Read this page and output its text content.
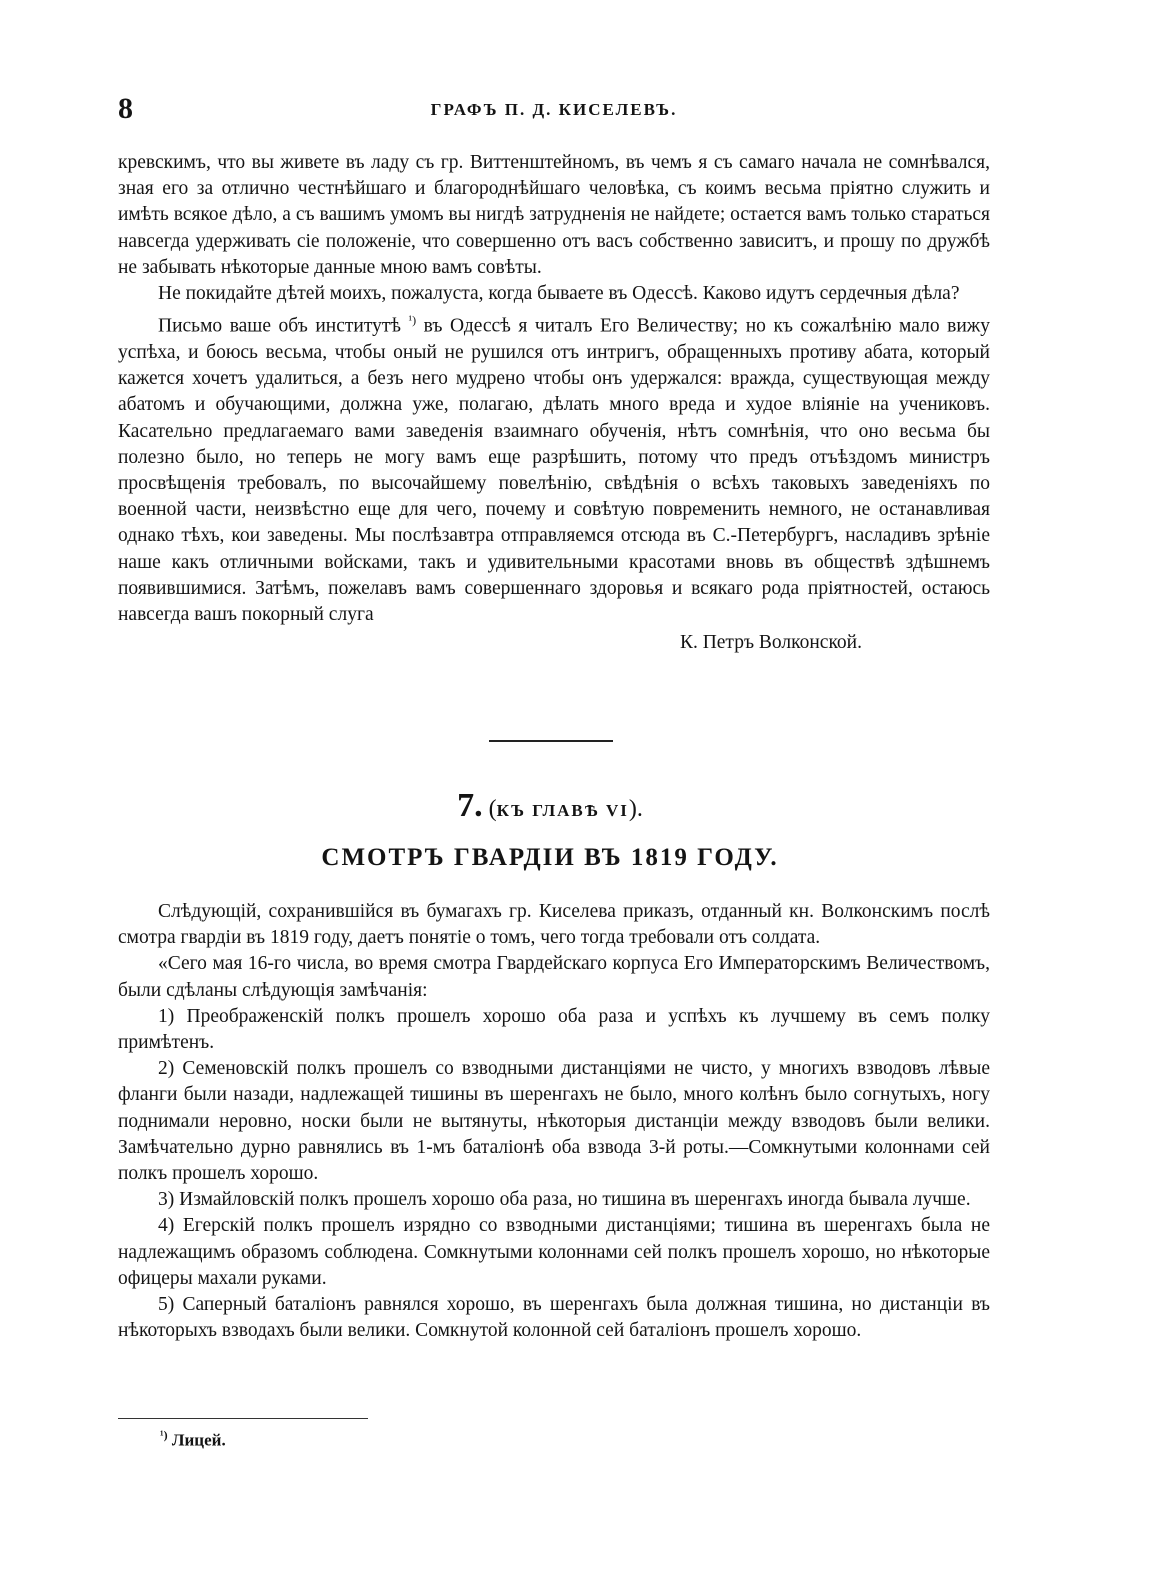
8	ГРАФЪ П. Д. КИСЕЛЕВЪ.

кревскимъ, что вы живете въ ладу съ гр. Виттенштейномъ, въ чемъ я съ самаго начала не сомнѣвался, зная его за отлично честнѣйшаго и благороднѣйшаго человѣка, съ коимъ весьма пріятно служить и имѣть всякое дѣло, а съ вашимъ умомъ вы нигдѣ затрудненія не найдете; остается вамъ только стараться навсегда удерживать сіе положеніе, что совершенно отъ васъ собственно зависитъ, и прошу по дружбѣ не забывать нѣкоторые данные мною вамъ совѣты.

Не покидайте дѣтей моихъ, пожалуста, когда бываете въ Одессѣ. Каково идутъ сердечныя дѣла?

Письмо ваше объ институтѣ $^{^1)}$ въ Одессѣ я читалъ Его Величеству; но къ сожалѣнію мало вижу успѣха, и боюсь весьма, чтобы оный не рушился отъ интригъ, обращенныхъ противу абата, который кажется хочетъ удалиться, а безъ него мудрено чтобы онъ удержался: вражда, существующая между абатомъ и обучающими, должна уже, полагаю, дѣлать много вреда и худое вліяніе на учениковъ. Касательно предлагаемаго вами заведенія взаимнаго обученія, нѣтъ сомнѣнія, что оно весьма бы полезно было, но теперь не могу вамъ еще разрѣшить, потому что предъ отъѣздомъ министръ просвѣщенія требовалъ, по высочайшему повелѣнію, свѣдѣнія о всѣхъ таковыхъ заведеніяхъ по военной части, неизвѣстно еще для чего, почему и совѣтую повременить немного, не останавливая однако тѣхъ, кои заведены. Мы послѣзавтра отправляемся отсюда въ С.-Петербургъ, насладивъ зрѣніе наше какъ отличными войсками, такъ и удивительными красотами вновь въ обществѣ здѣшнемъ появившимися. Затѣмъ, пожелавъ вамъ совершеннаго здоровья и всякаго рода пріятностей, остаюсь навсегда вашъ покорный слуга

К. Петръ Волконской.
7. (КЪ ГЛАВѢ VI).
СМОТРЪ ГВАРДІИ ВЪ 1819 ГОДУ.

Слѣдующій, сохранившійся въ бумагахъ гр. Киселева приказъ, отданный кн. Волконскимъ послѣ смотра гвардіи въ 1819 году, даетъ понятіе о томъ, чего тогда требовали отъ солдата.

«Сего мая 16-го числа, во время смотра Гвардейскаго корпуса Его Императорскимъ Величествомъ, были сдѣланы слѣдующія замѣчанія:

1) Преображенскій полкъ прошелъ хорошо оба раза и успѣхъ къ лучшему въ семъ полку примѣтенъ.

2) Семеновскій полкъ прошелъ со взводными дистанціями не чисто, у многихъ взводовъ лѣвые фланги были назади, надлежащей тишины въ шеренгахъ не было, много колѣнъ было согнутыхъ, ногу поднимали неровно, носки были не вытянуты, нѣкоторыя дистанціи между взводовъ были велики. Замѣчательно дурно равнялись въ 1-мъ баталіонѣ оба взвода 3-й роты.—Сомкнутыми колоннами сей полкъ прошелъ хорошо.

3) Измайловскій полкъ прошелъ хорошо оба раза, но тишина въ шеренгахъ иногда бывала лучше.

4) Егерскій полкъ прошелъ изрядно со взводными дистанціями; тишина въ шеренгахъ была не надлежащимъ образомъ соблюдена. Сомкнутыми колоннами сей полкъ прошелъ хорошо, но нѣкоторые офицеры махали руками.

5) Саперный баталіонъ равнялся хорошо, въ шеренгахъ была должная тишина, но дистанціи въ нѣкоторыхъ взводахъ были велики. Сомкнутой колонной сей баталіонъ прошелъ хорошо.

$^{^1)}$ Лицей.
